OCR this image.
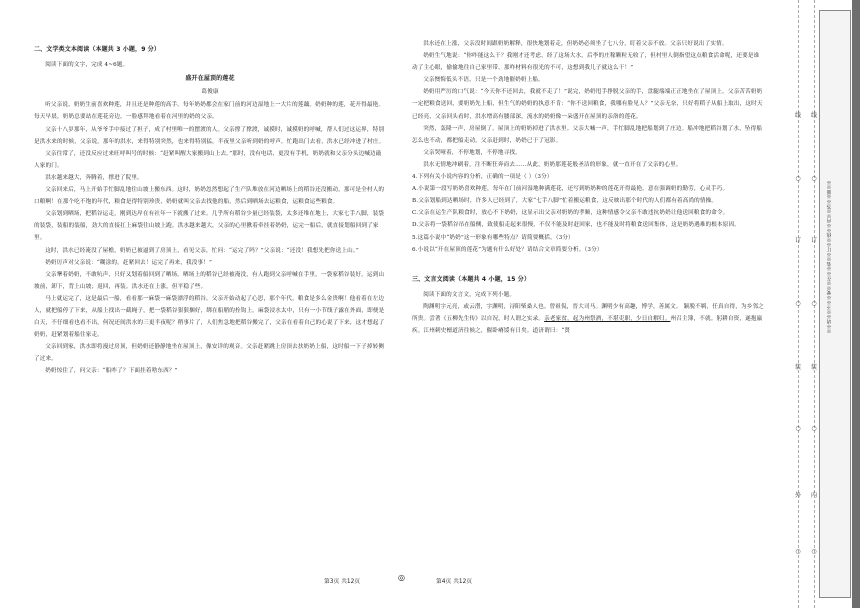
二、文学类文本阅读（本题共 3 小题，9 分）

阅读下面的文字，完成 4~6题。

盛开在屋顶的莲花

葛俊康

听父亲说，奶奶生前喜欢种莲，并且还是种莲的高手。每年奶奶都会在家门前的河边湿地上一大片的莲藕。奶奶种的莲，花开得最艳。每天早晨，奶奶总要站在莲花旁边，一脸感拜地看着在河里的奶的父亲。

父亲十八岁那年，从爷爷手中接过了担子，成了村里唯一的摆渡的人。父亲撑了撑渡，诚摸时，诚摸奶的呼喊，帮人们过这运界，特别是洪水来的时候，父亲说，那年的洪水，来得特别突然，也来得特别猛，半夜里父亲听到奶的呼声，忙跑出门去看，洪水已经冲进了村庄。

父亲往常了，还没反应过来旺呼叫号的时候：“赶紧叫醒大家搬到山上去。”那时，没有电话，更没有手机，奶奶就和父亲分头边喊边敲人家的门。

洪水越来越大，奔腾着，撑进了院里。

父亲回来后，马上开始手忙脚乱地往山坡上搬东西。这时，奶奶忽然想起了生产队堆放在河边晒场上的稻谷还没搬动，那可是全村人的口粮啊！在那个吃不饱的年代，粮食是得特别珍贵，奶奶就叫父亲去找他的船，然后到晒场去运粮食，运粮食运些粮食。

父亲划到晒场，把稻谷运走，刚到达岸在有社年一下就搬了过来。几乎所有稻谷少量已经装袋，太多还堆在地上，大家七手八脚，装袋的装袋，装船的装船，劲大的直接扛上麻袋往山坡上跑。洪水越来越大，父亲的心里揪着牵挂着奶奶，运完一船后，就直接划船回到了家里。

这时，洪水已经淹没了屋檐，奶奶已被逼到了房顶上，看见父亲，忙问：“运完了吗？”父亲说：“还没！我想先把你送上山。”

奶奶厉声对父亲说：“糊涂的，赶紧回去！运完了再来，我没事！”

父亲犟着奶奶，不敢吭声，只好又划着船回到了晒场。晒场上的稻谷已经被淹没，有人跑到父亲呼喊在手里，一袋家稻谷装好，运到山坡前，卸下，背上山坡；返回，再装。洪水还在上涨，但平稳了些。

马上就运完了，这是最后一船，看看那一麻袋一麻袋漂浮的稻谷，父亲开始动起了心思，那个年代，粮食是多么金贵啊！他看着在左边人，就把船停了下来，从船上找出一截绳子，把一袋稻谷狠狠捆好，绑在船艄的拴钩上。麻袋浸水太中，只有一小节线子露在外面，即便是白天，不仔细看也看不出，何况还间洪水的三更半夜呢？稍事片了，人们焦急地把稻谷搬完了，父亲在看着自己的心说了下来，这才想起了奶奶，赶紧划着船往家走。

父亲回到家，洪水即将漫过房顶，但奶奶还静静地坐在屋顶上，像安详的观音。父亲赶紧跳上房顶去扶奶奶上船，这时船一下子掉转侧了过来。

奶奶惊住了，问父亲：“船咋了？下面挂着啥东西？”

洪水还在上涨，父亲没时间跟奶奶解释，很快地划着走，但奶奶必须坐了七八分，盯着父亲不放。父亲只好说出了实情。

奶奶生气地说：“你咋能这么干？我刚才还考虑，经了这场大水，后李的庄稼颗粒无收了，但村里人倒指望这点粮食活命呢，还要是谁动了主心眼，偷偷地往自己家里带，那咋材料有很光的不可，这想到我儿子就这么干！”

父亲懊悔低头不语，只是一个劲地催奶奶上船。

奶奶用严厉的口气说：“今天你不还回去，我就不走了！”说完，奶奶甩手挣脱父亲的手，盘腿端端正正地坐在了屋顶上。父亲苦苦奶奶一定把粮食送回，要奶奶先上船，但生气的奶奶的执意不肯：“你不送回粮食，我哪有脸见人？”父亲无奈，只好将稻子从船上取出，这时天已经亮，父亲回头看时，洪水增高有腰部深，流水的奶奶像一朵盛开在屋顶的亲洛的莲花。

突然，轰隆一声，房屋倒了。屋顶上的奶奶掉进了洪水里。父亲大喊一声，手忙脚乱地把船划到了庄边。船冲地把稻谷划了水，坠得船怎么也不动，都把船走动。父亲赶到时，奶奶已于了冠影。

父亲哭哑着，不停地划，不停地寻找。

洪水无情地冲刷着，注不断狂奔而去……从此，奶奶那莲花般圣洁的形象，就一直开在了父亲的心里。

4.下列有关小说内容的分析，正确的一项是（ ）（3分）

A.小说第一段写奶奶喜欢种莲，每年在门前河湿地种满莲花，还写到奶奶种的莲花开得最艳，意在强调奶的勤劳，心灵手巧。

B.父亲划船到达晒场时，许多人已经到了，大家“七手八脚”忙着搬运粮食，这反映出那个时代的人们都有着高尚的情操。

C.父亲在运生产队粮食时，放心不下奶奶，这显示出父亲对奶奶的孝顺，这种情感令父亲不敢违抗奶奶让他送回粮食的命令。

D.父亲将一袋稻谷吊在船侧，致使船走起来很慢，不仅不能及时赶回家，也不能及时将粮食送回集体，这是奶奶遇难的根本原因。

5.这篇小说中“奶奶”这一形象有哪些特点？请简要概括。（3分）

6.小说以“开在屋顶的莲花”为题有什么好处？请结合文章简要分析。（3分）

三、文言文阅读（本题共 4 小题，15 分）

阅读下面的文言文，完成下列小题。

陶渊明字元亮，或云潜，字渊明，浔阳柴桑人也。曾祖侃，晋大司马。渊明少有高趣，博学，善属文。 颖脱不羁，任真自得，为乡邻之所贵。尝著《五柳先生传》以自况，时人谓之实录。亲老家贫，起为州祭酒，不堪吏职，少日自解归。州召主簿，不就。躬耕自资，遂抱羸疾。江州刺史檀道济往候之，偃卧瘠馁有日矣。道济谓曰：“贤

第3页 共12页	◎	第4页 共12页
线
○
订
○
装
○
外
○
线
○
订
○
装
○
内
○
※※请※※不※※要※※在※※装※※订※※线※※内※※答※※题※※
